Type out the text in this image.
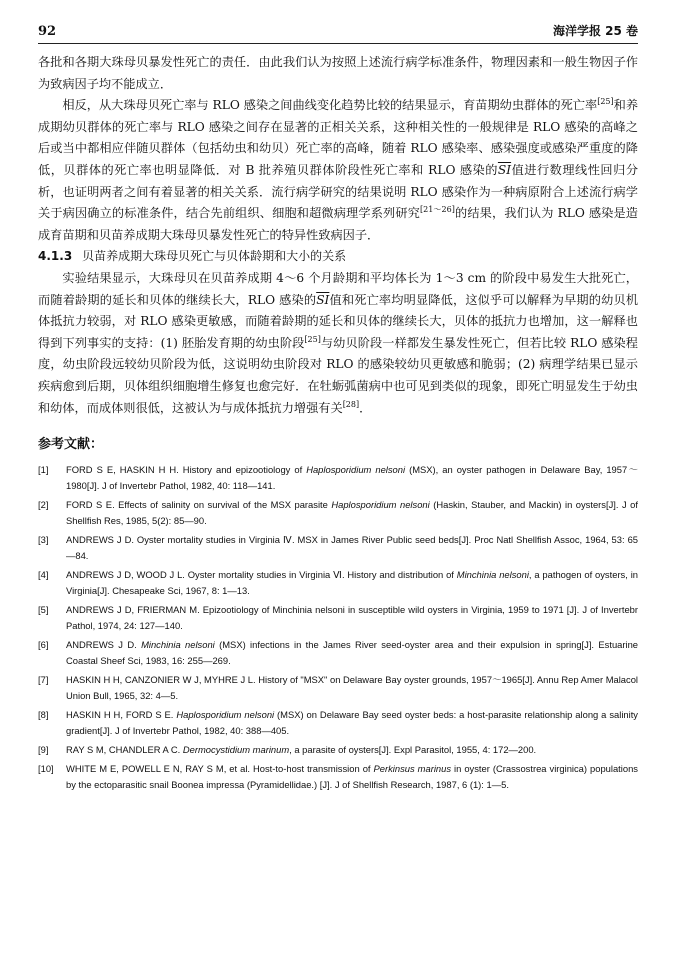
92	海洋学报 25 卷

各批和各期大珠母贝暴发性死亡的责任．由此我们认为按照上述流行病学标准条件，物理因素和一般生物因子作为致病因子均不能成立．

相反，从大珠母贝死亡率与 RLO 感染之间曲线变化趋势比较的结果显示，育苗期幼虫群体的死亡率[25]和养成期幼贝群体的死亡率与 RLO 感染之间存在显著的正相关关系，这种相关性的一般规律是 RLO 感染的高峰之后或当中都相应伴随贝群体（包括幼虫和幼贝）死亡率的高峰，随着 RLO 感染率、感染强度或感染严重度的降低，贝群体的死亡率也明显降低．对 B 批养殖贝群体阶段性死亡率和 RLO 感染的$\overline{SI}$值进行数理线性回归分析，也证明两者之间有着显著的相关关系．流行病学研究的结果说明 RLO 感染作为一种病原附合上述流行病学关于病因确立的标准条件，结合先前组织、细胞和超微病理学系列研究[21～26]的结果，我们认为 RLO 感染是造成育苗期和贝苗养成期大珠母贝暴发性死亡的特异性致病因子．

4.1.3 贝苗养成期大珠母贝死亡与贝体龄期和大小的关系

实验结果显示，大珠母贝在贝苗养成期 4～6 个月龄期和平均体长为 1～3 cm 的阶段中易发生大批死亡，而随着龄期的延长和贝体的继续长大，RLO 感染的$\overline{SI}$值和死亡率均明显降低，这似乎可以解释为早期的幼贝机体抵抗力较弱，对 RLO 感染更敏感，而随着龄期的延长和贝体的继续长大，贝体的抵抗力也增加，这一解释也得到下列事实的支持：(1) 胚胎发育期的幼虫阶段[25]与幼贝阶段一样都发生暴发性死亡，但若比较 RLO 感染程度，幼虫阶段远较幼贝阶段为低，这说明幼虫阶段对 RLO 的感染较幼贝更敏感和脆弱；(2) 病理学结果已显示疾病愈到后期，贝体组织细胞增生修复也愈完好．在牡蛎弧菌病中也可见到类似的现象，即死亡明显发生于幼虫和幼体，而成体则很低，这被认为与成体抵抗力增强有关[28]．

参考文献：
[1]	FORD S E, HASKIN H H. History and epizootiology of Haplosporidium nelsoni (MSX), an oyster pathogen in Delaware Bay, 1957～1980[J]. J of Invertebr Pathol, 1982, 40: 118—141.
[2]	FORD S E. Effects of salinity on survival of the MSX parasite Haplosporidium nelsoni (Haskin, Stauber, and Mackin) in oysters[J]. J of Shellfish Res, 1985, 5(2): 85—90.
[3]	ANDREWS J D. Oyster mortality studies in Virginia Ⅳ. MSX in James River Public seed beds[J]. Proc Natl Shellfish Assoc, 1964, 53: 65—84.
[4]	ANDREWS J D, WOOD J L. Oyster mortality studies in Virginia Ⅵ. History and distribution of Minchinia nelsoni, a pathogen of oysters, in Virginia[J]. Chesapeake Sci, 1967, 8: 1—13.
[5]	ANDREWS J D, FRIERMAN M. Epizootiology of Minchinia nelsoni in susceptible wild oysters in Virginia, 1959 to 1971 [J]. J of Invertebr Pathol, 1974, 24: 127—140.
[6]	ANDREWS J D. Minchinia nelsoni (MSX) infections in the James River seed-oyster area and their expulsion in spring[J]. Estuarine Coastal Sheef Sci, 1983, 16: 255—269.
[7]	HASKIN H H, CANZONIER W J, MYHRE J L. History of "MSX" on Delaware Bay oyster grounds, 1957～1965[J]. Annu Rep Amer Malacol Union Bull, 1965, 32: 4—5.
[8]	HASKIN H H, FORD S E. Haplosporidium nelsoni (MSX) on Delaware Bay seed oyster beds: a host-parasite relationship along a salinity gradient[J]. J of Invertebr Pathol, 1982, 40: 388—405.
[9]	RAY S M, CHANDLER A C. Dermocystidium marinum, a parasite of oysters[J]. Expl Parasitol, 1955, 4: 172—200.
[10]	WHITE M E, POWELL E N, RAY S M, et al. Host-to-host transmission of Perkinsus marinus in oyster (Crassostrea virginica) populations by the ectoparasitic snail Boonea impressa (Pyramidellidae.) [J]. J of Shellfish Research, 1987, 6 (1): 1—5.
